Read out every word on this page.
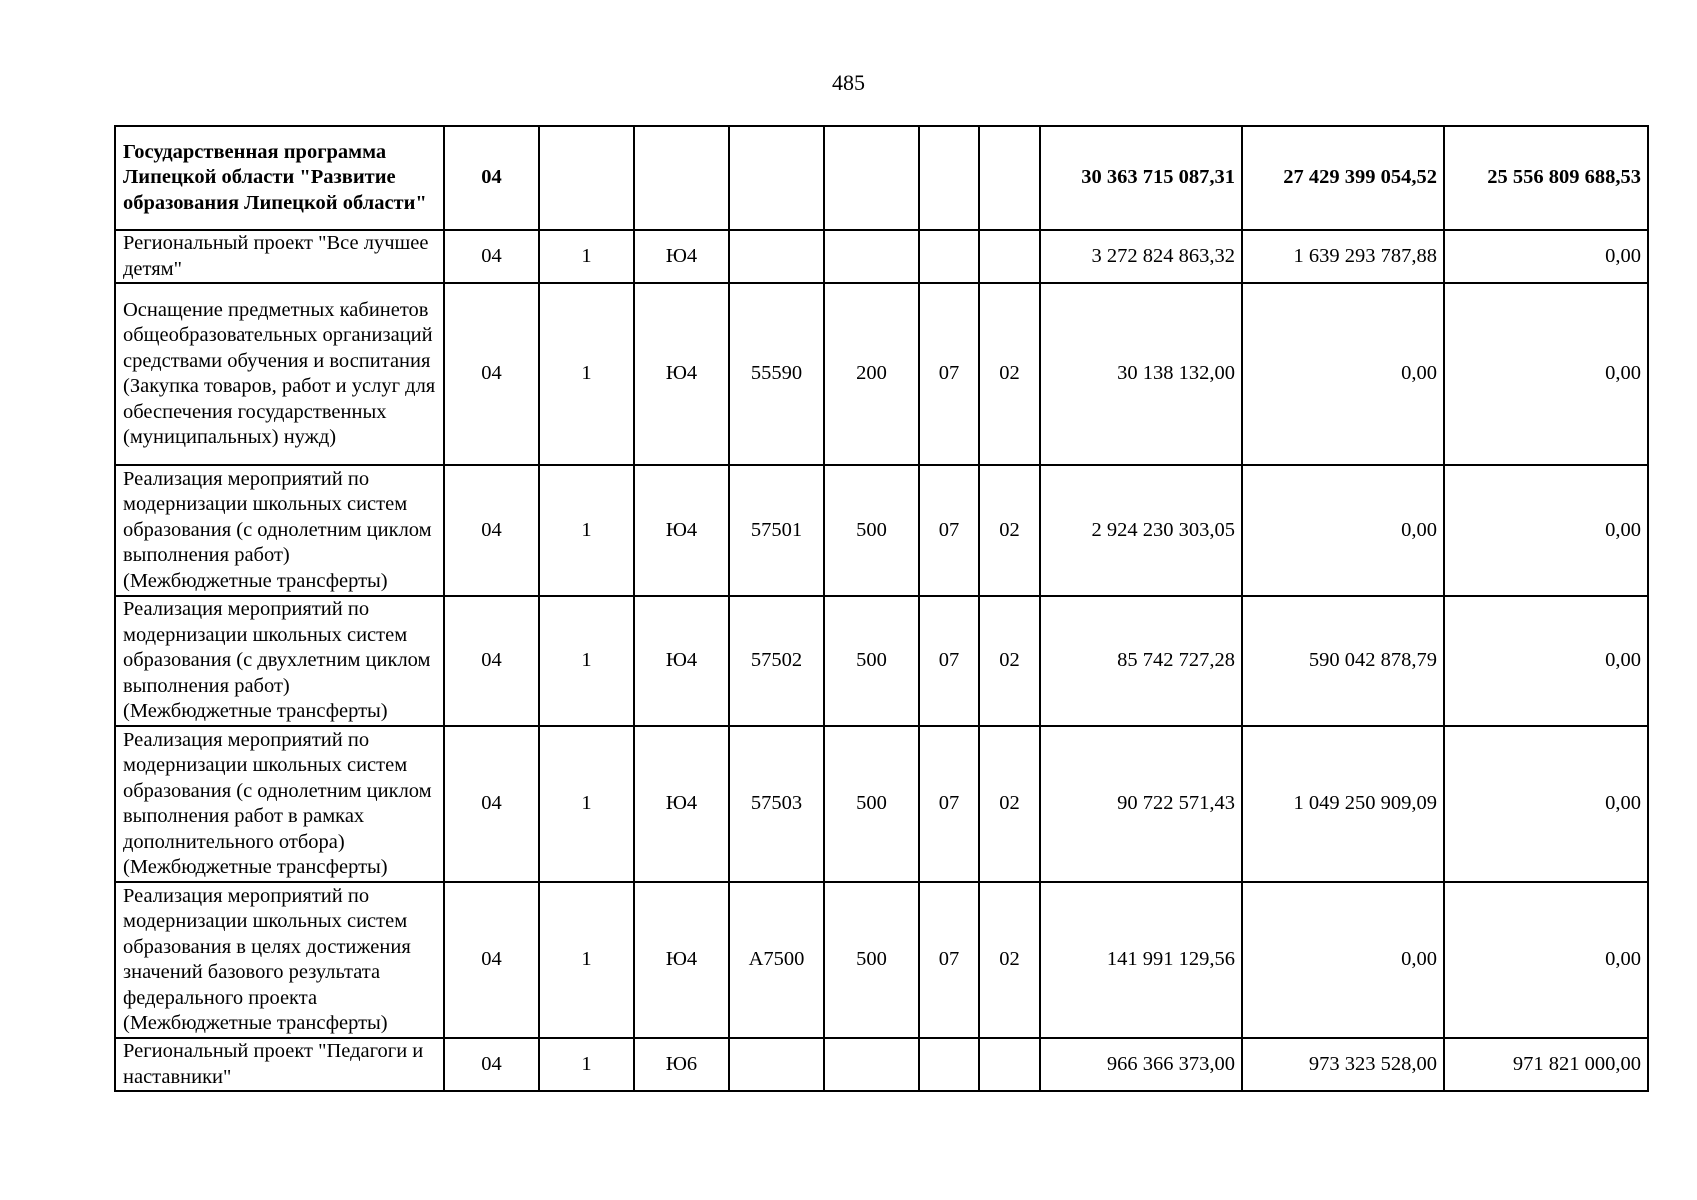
485
Государственная программа Липецкой области "Развитие образования Липецкой области"	04							30 363 715 087,31	27 429 399 054,52	25 556 809 688,53
Региональный проект "Все лучшее детям"	04	1	Ю4					3 272 824 863,32	1 639 293 787,88	0,00
Оснащение предметных кабинетов общеобразовательных организаций средствами обучения и воспитания (Закупка товаров, работ и услуг для обеспечения государственных (муниципальных) нужд)	04	1	Ю4	55590	200	07	02	30 138 132,00	0,00	0,00
Реализация мероприятий по модернизации школьных систем образования (с однолетним циклом выполнения работ) (Межбюджетные трансферты)	04	1	Ю4	57501	500	07	02	2 924 230 303,05	0,00	0,00
Реализация мероприятий по модернизации школьных систем образования (с двухлетним циклом выполнения работ) (Межбюджетные трансферты)	04	1	Ю4	57502	500	07	02	85 742 727,28	590 042 878,79	0,00
Реализация мероприятий по модернизации школьных систем образования (с однолетним циклом выполнения работ в рамках дополнительного отбора) (Межбюджетные трансферты)	04	1	Ю4	57503	500	07	02	90 722 571,43	1 049 250 909,09	0,00
Реализация мероприятий по модернизации школьных систем образования в целях достижения значений базового результата федерального проекта (Межбюджетные трансферты)	04	1	Ю4	А7500	500	07	02	141 991 129,56	0,00	0,00
Региональный проект "Педагоги и наставники"	04	1	Ю6					966 366 373,00	973 323 528,00	971 821 000,00
